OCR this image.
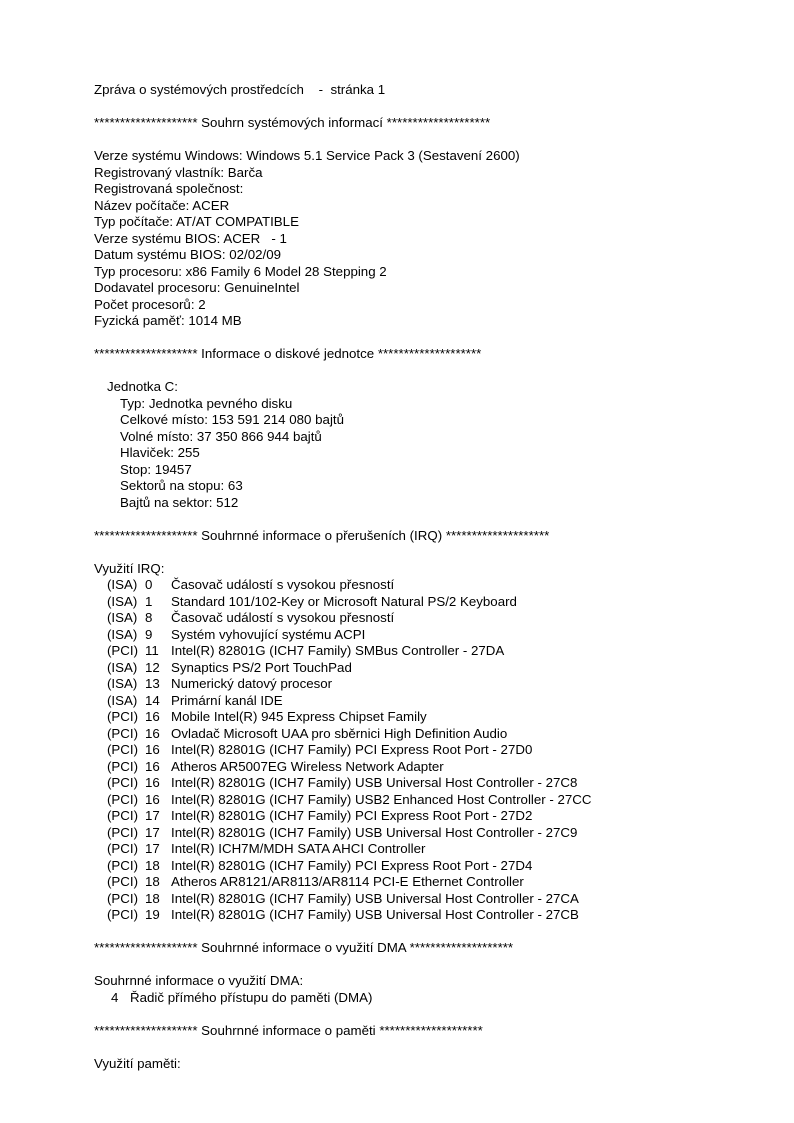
Zpráva o systémových prostředcích    -  stránka 1
******************** Souhrn systémových informací ********************
Verze systému Windows: Windows 5.1 Service Pack 3 (Sestavení 2600)
Registrovaný vlastník: Barča
Registrovaná společnost:
Název počítače: ACER
Typ počítače: AT/AT COMPATIBLE
Verze systému BIOS: ACER   - 1
Datum systému BIOS: 02/02/09
Typ procesoru: x86 Family 6 Model 28 Stepping 2
Dodavatel procesoru: GenuineIntel
Počet procesorů: 2
Fyzická paměť: 1014 MB
******************** Informace o diskové jednotce ********************
Jednotka C:
Typ: Jednotka pevného disku
Celkové místo: 153 591 214 080 bajtů
Volné místo: 37 350 866 944 bajtů
Hlaviček: 255
Stop: 19457
Sektorů na stopu: 63
Bajtů na sektor: 512
******************** Souhrnné informace o přerušeních (IRQ) ********************
Využití IRQ:
(ISA) 0	Časovač událostí s vysokou přesností
(ISA) 1	Standard 101/102-Key or Microsoft Natural PS/2 Keyboard
(ISA) 8	Časovač událostí s vysokou přesností
(ISA) 9	Systém vyhovující systému ACPI
(PCI) 11 Intel(R) 82801G (ICH7 Family) SMBus Controller - 27DA
(ISA) 12 Synaptics PS/2 Port TouchPad
(ISA) 13 Numerický datový procesor
(ISA) 14 Primární kanál IDE
(PCI) 16 Mobile Intel(R) 945 Express Chipset Family
(PCI) 16 Ovladač Microsoft UAA pro sběrnici High Definition Audio
(PCI) 16 Intel(R) 82801G (ICH7 Family) PCI Express Root Port - 27D0
(PCI) 16 Atheros AR5007EG Wireless Network Adapter
(PCI) 16 Intel(R) 82801G (ICH7 Family) USB Universal Host Controller - 27C8
(PCI) 16 Intel(R) 82801G (ICH7 Family) USB2 Enhanced Host Controller - 27CC
(PCI) 17 Intel(R) 82801G (ICH7 Family) PCI Express Root Port - 27D2
(PCI) 17 Intel(R) 82801G (ICH7 Family) USB Universal Host Controller - 27C9
(PCI) 17 Intel(R) ICH7M/MDH SATA AHCI Controller
(PCI) 18 Intel(R) 82801G (ICH7 Family) PCI Express Root Port - 27D4
(PCI) 18 Atheros AR8121/AR8113/AR8114 PCI-E Ethernet Controller
(PCI) 18 Intel(R) 82801G (ICH7 Family) USB Universal Host Controller - 27CA
(PCI) 19 Intel(R) 82801G (ICH7 Family) USB Universal Host Controller - 27CB
******************** Souhrnné informace o využití DMA ********************
Souhrnné informace o využití DMA:
4 Řadič přímého přístupu do paměti (DMA)
******************** Souhrnné informace o paměti ********************
Využití paměti:
